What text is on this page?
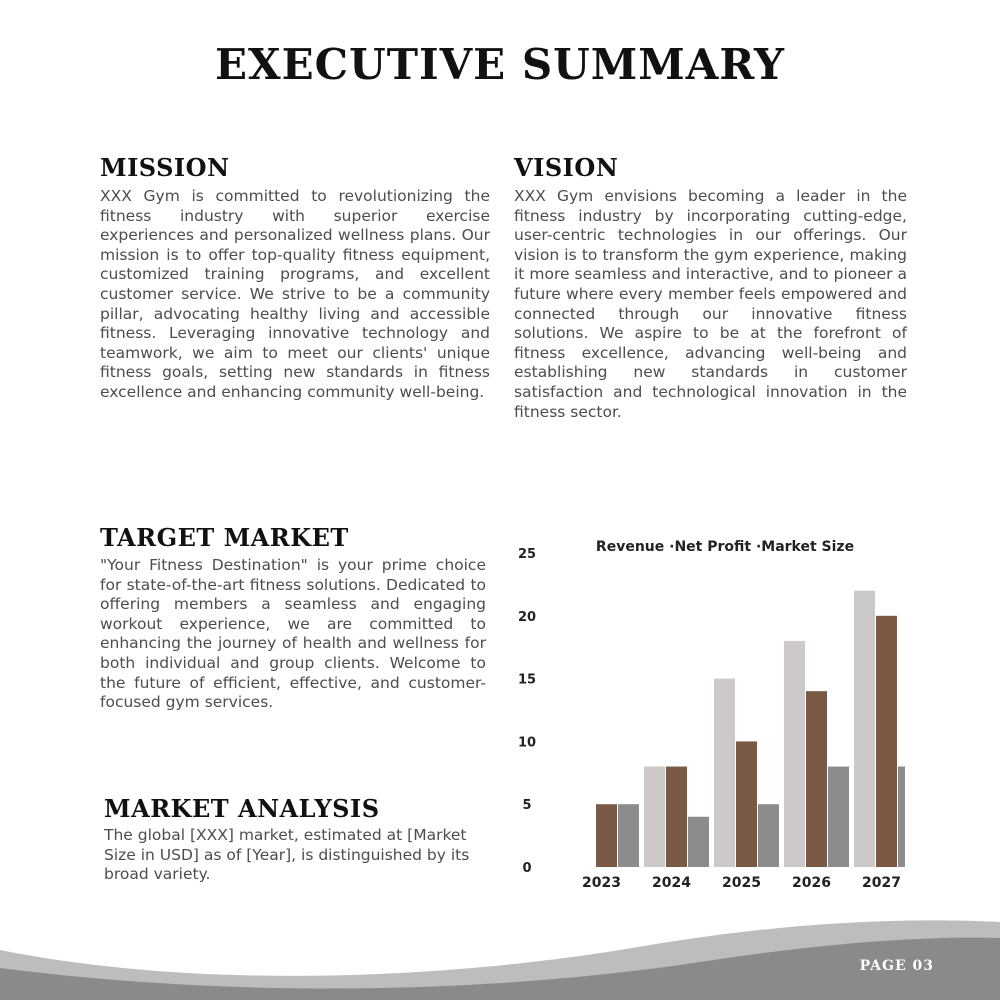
EXECUTIVE SUMMARY
MISSION

XXX Gym is committed to revolutionizing the fitness industry with superior exercise experiences and personalized wellness plans. Our mission is to offer top-quality fitness equipment, customized training programs, and excellent customer service. We strive to be a community pillar, advocating healthy living and accessible fitness. Leveraging innovative technology and teamwork, we aim to meet our clients' unique fitness goals, setting new standards in fitness excellence and enhancing community well-being.

VISION

XXX Gym envisions becoming a leader in the fitness industry by incorporating cutting-edge, user-centric technologies in our offerings. Our vision is to transform the gym experience, making it more seamless and interactive, and to pioneer a future where every member feels empowered and connected through our innovative fitness solutions. We aspire to be at the forefront of fitness excellence, advancing well-being and establishing new standards in customer satisfaction and technological innovation in the fitness sector.

TARGET MARKET

"Your Fitness Destination" is your prime choice for state-of-the-art fitness solutions. Dedicated to offering members a seamless and engaging workout experience, we are committed to enhancing the journey of health and wellness for both individual and group clients. Welcome to the future of efficient, effective, and customer-focused gym services.

MARKET ANALYSIS

The global [XXX] market, estimated at [Market Size in USD] as of [Year], is distinguished by its broad variety.	0
5
10
15
20
25
2023 2024 2025 2026 2027
Revenue ·Net Profit ·Market Size

PAGE 03
